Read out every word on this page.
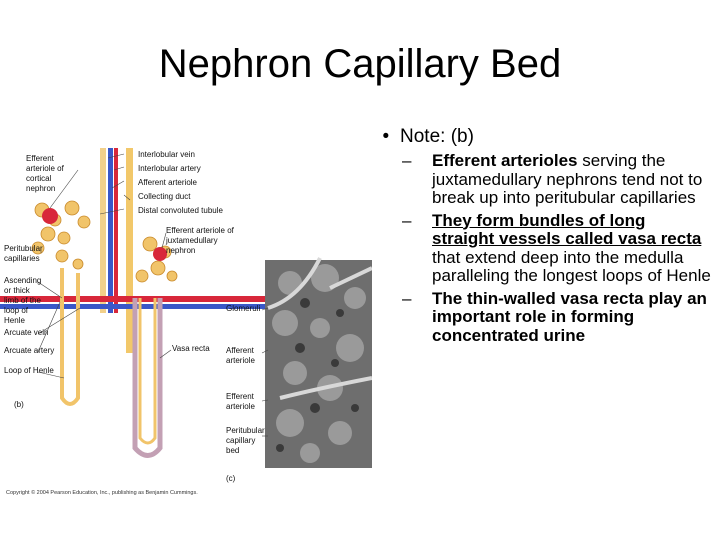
Nephron Capillary Bed
Interlobular vein
Interlobular artery
Afferent arteriole
Collecting duct
Distal convoluted tubule
Efferent arteriole of juxtamedullary nephron
Efferent arteriole of cortical nephron
Peritubular capillaries
Ascending or thick limb of the loop of Henle
Arcuate vein
Arcuate artery
Loop of Henle
Vasa recta
(b)
Glomeruli
Afferent arteriole
Efferent arteriole
Peritubular capillary bed
(c)
Copyright © 2004 Pearson Education, Inc., publishing as Benjamin Cummings.
• Note: (b)
–	Efferent arterioles serving the juxtamedullary nephrons tend not to break up into peritubular capillaries
–	They form bundles of long straight vessels called vasa recta that extend deep into the medulla paralleling the longest loops of Henle
–	The thin-walled vasa recta play an important role in forming concentrated urine
